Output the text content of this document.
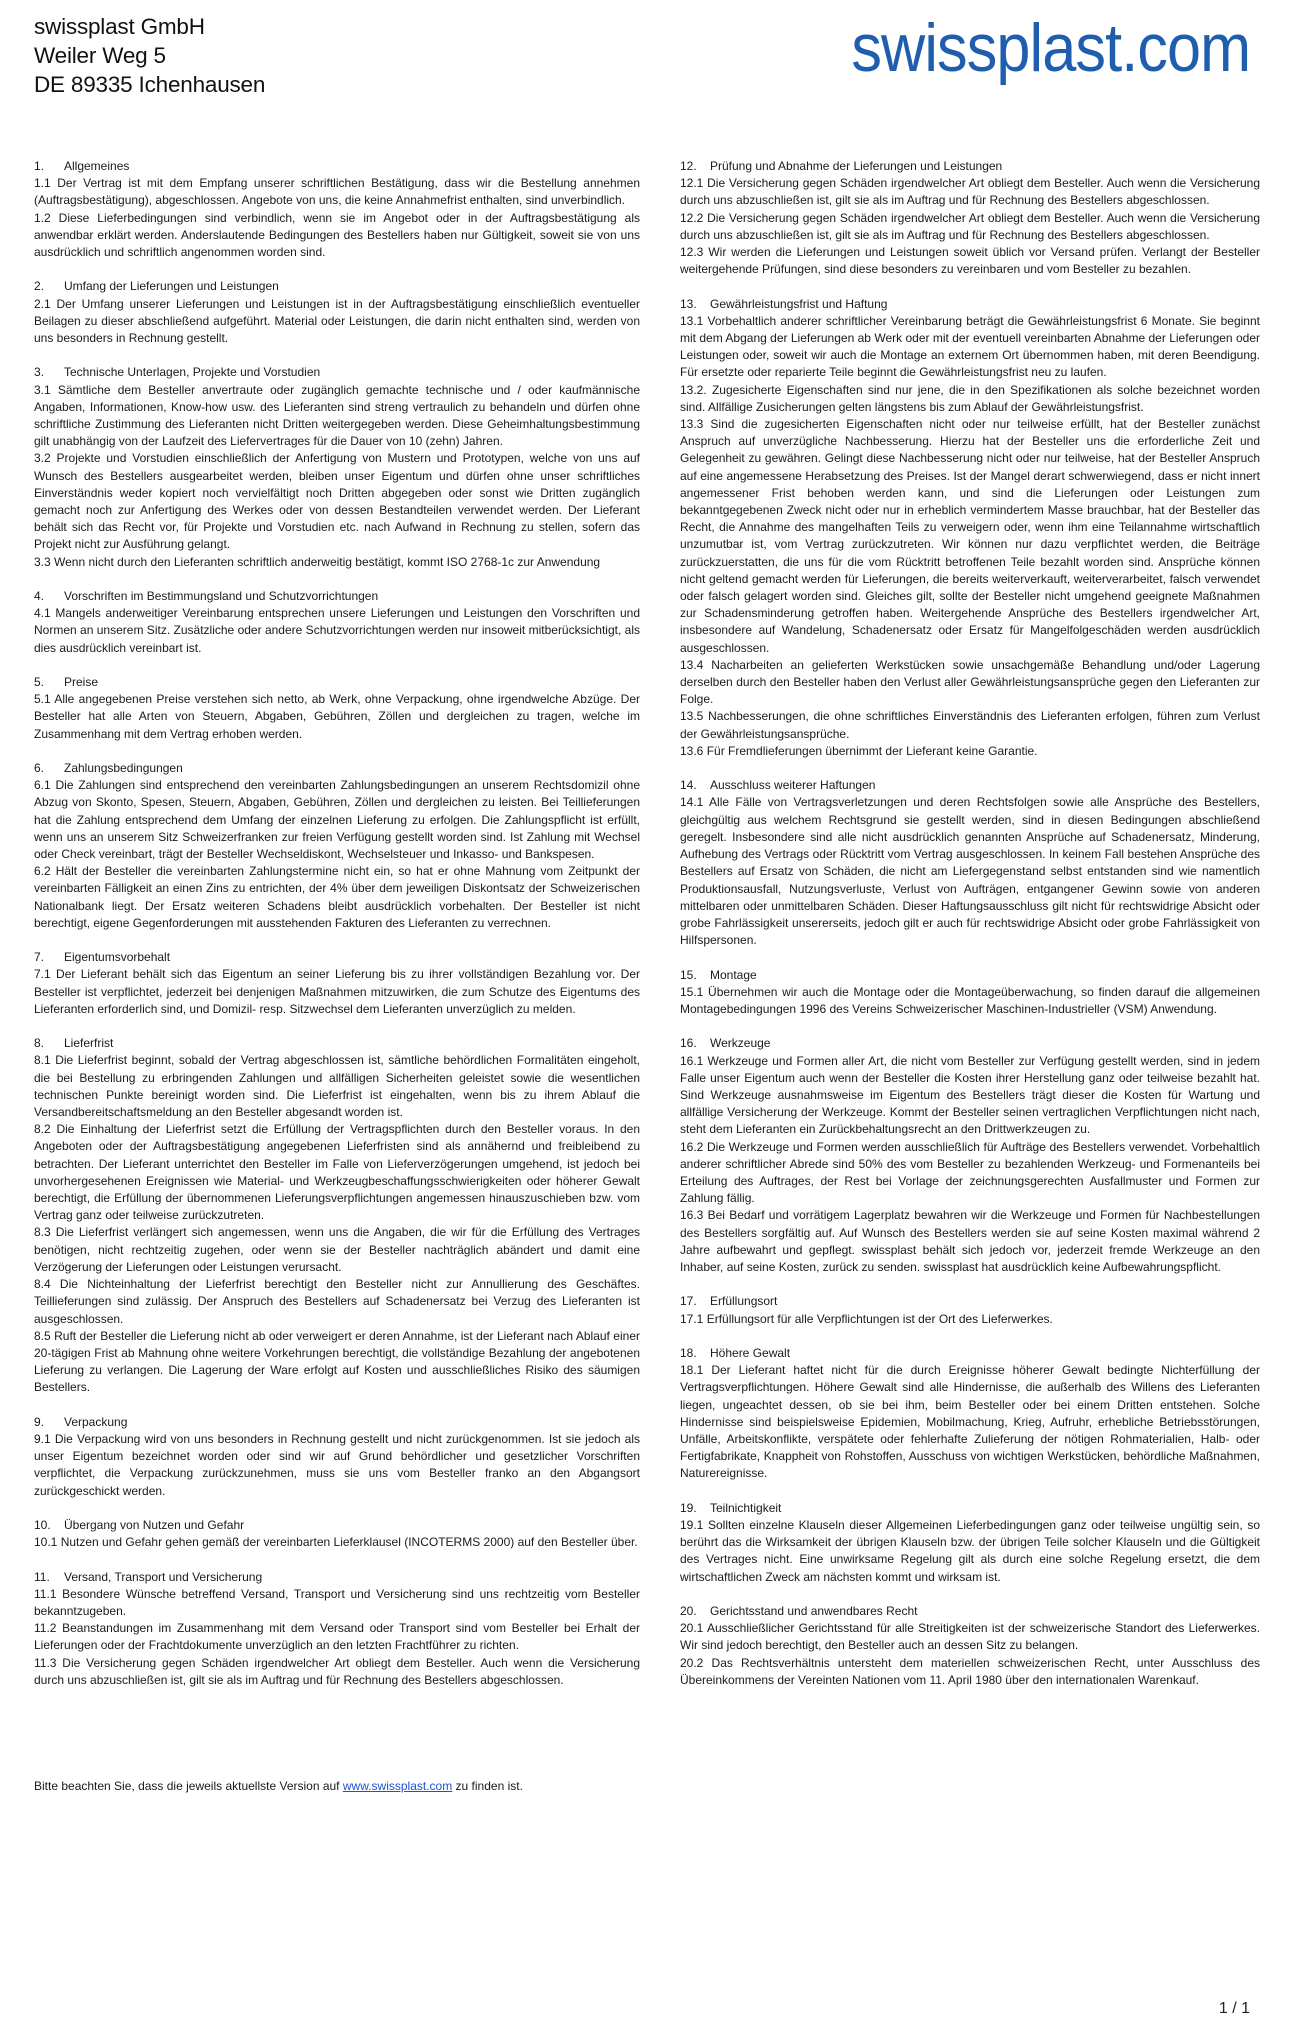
swissplast GmbH
Weiler Weg 5
DE 89335 Ichenhausen	swissplast.com
1. Allgemeines

1.1 Der Vertrag ist mit dem Empfang unserer schriftlichen Bestätigung, dass wir die Bestellung annehmen (Auftragsbestätigung), abgeschlossen. Angebote von uns, die keine Annahmefrist enthalten, sind unverbindlich.

1.2 Diese Lieferbedingungen sind verbindlich, wenn sie im Angebot oder in der Auftragsbestätigung als anwendbar erklärt werden. Anderslautende Bedingungen des Bestellers haben nur Gültigkeit, soweit sie von uns ausdrücklich und schriftlich angenommen worden sind.

2. Umfang der Lieferungen und Leistungen

2.1 Der Umfang unserer Lieferungen und Leistungen ist in der Auftragsbestätigung einschließlich eventueller Beilagen zu dieser abschließend aufgeführt. Material oder Leistungen, die darin nicht enthalten sind, werden von uns besonders in Rechnung gestellt.

3. Technische Unterlagen, Projekte und Vorstudien

3.1 Sämtliche dem Besteller anvertraute oder zugänglich gemachte technische und / oder kaufmännische Angaben, Informationen, Know-how usw. des Lieferanten sind streng vertraulich zu behandeln und dürfen ohne schriftliche Zustimmung des Lieferanten nicht Dritten weitergegeben werden. Diese Geheimhaltungsbestimmung gilt unabhängig von der Laufzeit des Liefervertrages für die Dauer von 10 (zehn) Jahren.

3.2 Projekte und Vorstudien einschließlich der Anfertigung von Mustern und Prototypen, welche von uns auf Wunsch des Bestellers ausgearbeitet werden, bleiben unser Eigentum und dürfen ohne unser schriftliches Einverständnis weder kopiert noch vervielfältigt noch Dritten abgegeben oder sonst wie Dritten zugänglich gemacht noch zur Anfertigung des Werkes oder von dessen Bestandteilen verwendet werden. Der Lieferant behält sich das Recht vor, für Projekte und Vorstudien etc. nach Aufwand in Rechnung zu stellen, sofern das Projekt nicht zur Ausführung gelangt.

3.3 Wenn nicht durch den Lieferanten schriftlich anderweitig bestätigt, kommt ISO 2768-1c zur Anwendung

4. Vorschriften im Bestimmungsland und Schutzvorrichtungen

4.1 Mangels anderweitiger Vereinbarung entsprechen unsere Lieferungen und Leistungen den Vorschriften und Normen an unserem Sitz. Zusätzliche oder andere Schutzvorrichtungen werden nur insoweit mitberücksichtigt, als dies ausdrücklich vereinbart ist.

5. Preise

5.1 Alle angegebenen Preise verstehen sich netto, ab Werk, ohne Verpackung, ohne irgendwelche Abzüge. Der Besteller hat alle Arten von Steuern, Abgaben, Gebühren, Zöllen und dergleichen zu tragen, welche im Zusammenhang mit dem Vertrag erhoben werden.

6. Zahlungsbedingungen

6.1 Die Zahlungen sind entsprechend den vereinbarten Zahlungsbedingungen an unserem Rechtsdomizil ohne Abzug von Skonto, Spesen, Steuern, Abgaben, Gebühren, Zöllen und dergleichen zu leisten. Bei Teillieferungen hat die Zahlung entsprechend dem Umfang der einzelnen Lieferung zu erfolgen. Die Zahlungspflicht ist erfüllt, wenn uns an unserem Sitz Schweizerfranken zur freien Verfügung gestellt worden sind. Ist Zahlung mit Wechsel oder Check vereinbart, trägt der Besteller Wechseldiskont, Wechselsteuer und Inkasso- und Bankspesen.

6.2 Hält der Besteller die vereinbarten Zahlungstermine nicht ein, so hat er ohne Mahnung vom Zeitpunkt der vereinbarten Fälligkeit an einen Zins zu entrichten, der 4% über dem jeweiligen Diskontsatz der Schweizerischen Nationalbank liegt. Der Ersatz weiteren Schadens bleibt ausdrücklich vorbehalten. Der Besteller ist nicht berechtigt, eigene Gegenforderungen mit ausstehenden Fakturen des Lieferanten zu verrechnen.

7. Eigentumsvorbehalt

7.1 Der Lieferant behält sich das Eigentum an seiner Lieferung bis zu ihrer vollständigen Bezahlung vor. Der Besteller ist verpflichtet, jederzeit bei denjenigen Maßnahmen mitzuwirken, die zum Schutze des Eigentums des Lieferanten erforderlich sind, und Domizil- resp. Sitzwechsel dem Lieferanten unverzüglich zu melden.

8. Lieferfrist

8.1 Die Lieferfrist beginnt, sobald der Vertrag abgeschlossen ist, sämtliche behördlichen Formalitäten eingeholt, die bei Bestellung zu erbringenden Zahlungen und allfälligen Sicherheiten geleistet sowie die wesentlichen technischen Punkte bereinigt worden sind. Die Lieferfrist ist eingehalten, wenn bis zu ihrem Ablauf die Versandbereitschaftsmeldung an den Besteller abgesandt worden ist.

8.2 Die Einhaltung der Lieferfrist setzt die Erfüllung der Vertragspflichten durch den Besteller voraus. In den Angeboten oder der Auftragsbestätigung angegebenen Lieferfristen sind als annähernd und freibleibend zu betrachten. Der Lieferant unterrichtet den Besteller im Falle von Lieferverzögerungen umgehend, ist jedoch bei unvorhergesehenen Ereignissen wie Material- und Werkzeugbeschaffungsschwierigkeiten oder höherer Gewalt berechtigt, die Erfüllung der übernommenen Lieferungsverpflichtungen angemessen hinauszuschieben bzw. vom Vertrag ganz oder teilweise zurückzutreten.

8.3 Die Lieferfrist verlängert sich angemessen, wenn uns die Angaben, die wir für die Erfüllung des Vertrages benötigen, nicht rechtzeitig zugehen, oder wenn sie der Besteller nachträglich abändert und damit eine Verzögerung der Lieferungen oder Leistungen verursacht.

8.4 Die Nichteinhaltung der Lieferfrist berechtigt den Besteller nicht zur Annullierung des Geschäftes. Teillieferungen sind zulässig. Der Anspruch des Bestellers auf Schadenersatz bei Verzug des Lieferanten ist ausgeschlossen.

8.5 Ruft der Besteller die Lieferung nicht ab oder verweigert er deren Annahme, ist der Lieferant nach Ablauf einer 20-tägigen Frist ab Mahnung ohne weitere Vorkehrungen berechtigt, die vollständige Bezahlung der angebotenen Lieferung zu verlangen. Die Lagerung der Ware erfolgt auf Kosten und ausschließliches Risiko des säumigen Bestellers.

9. Verpackung

9.1 Die Verpackung wird von uns besonders in Rechnung gestellt und nicht zurückgenommen. Ist sie jedoch als unser Eigentum bezeichnet worden oder sind wir auf Grund behördlicher und gesetzlicher Vorschriften verpflichtet, die Verpackung zurückzunehmen, muss sie uns vom Besteller franko an den Abgangsort zurückgeschickt werden.

10. Übergang von Nutzen und Gefahr

10.1 Nutzen und Gefahr gehen gemäß der vereinbarten Lieferklausel (INCOTERMS 2000) auf den Besteller über.

11. Versand, Transport und Versicherung

11.1 Besondere Wünsche betreffend Versand, Transport und Versicherung sind uns rechtzeitig vom Besteller bekanntzugeben.

11.2 Beanstandungen im Zusammenhang mit dem Versand oder Transport sind vom Besteller bei Erhalt der Lieferungen oder der Frachtdokumente unverzüglich an den letzten Frachtführer zu richten.

11.3 Die Versicherung gegen Schäden irgendwelcher Art obliegt dem Besteller. Auch wenn die Versicherung durch uns abzuschließen ist, gilt sie als im Auftrag und für Rechnung des Bestellers abgeschlossen.

12. Prüfung und Abnahme der Lieferungen und Leistungen

12.1 Die Versicherung gegen Schäden irgendwelcher Art obliegt dem Besteller. Auch wenn die Versicherung durch uns abzuschließen ist, gilt sie als im Auftrag und für Rechnung des Bestellers abgeschlossen.

12.2 Die Versicherung gegen Schäden irgendwelcher Art obliegt dem Besteller. Auch wenn die Versicherung durch uns abzuschließen ist, gilt sie als im Auftrag und für Rechnung des Bestellers abgeschlossen.

12.3 Wir werden die Lieferungen und Leistungen soweit üblich vor Versand prüfen. Verlangt der Besteller weitergehende Prüfungen, sind diese besonders zu vereinbaren und vom Besteller zu bezahlen.

13. Gewährleistungsfrist und Haftung

13.1 Vorbehaltlich anderer schriftlicher Vereinbarung beträgt die Gewährleistungsfrist 6 Monate. Sie beginnt mit dem Abgang der Lieferungen ab Werk oder mit der eventuell vereinbarten Abnahme der Lieferungen oder Leistungen oder, soweit wir auch die Montage an externem Ort übernommen haben, mit deren Beendigung. Für ersetzte oder reparierte Teile beginnt die Gewährleistungsfrist neu zu laufen.

13.2. Zugesicherte Eigenschaften sind nur jene, die in den Spezifikationen als solche bezeichnet worden sind. Allfällige Zusicherungen gelten längstens bis zum Ablauf der Gewährleistungsfrist.

13.3 Sind die zugesicherten Eigenschaften nicht oder nur teilweise erfüllt, hat der Besteller zunächst Anspruch auf unverzügliche Nachbesserung. Hierzu hat der Besteller uns die erforderliche Zeit und Gelegenheit zu gewähren. Gelingt diese Nachbesserung nicht oder nur teilweise, hat der Besteller Anspruch auf eine angemessene Herabsetzung des Preises. Ist der Mangel derart schwerwiegend, dass er nicht innert angemessener Frist behoben werden kann, und sind die Lieferungen oder Leistungen zum bekanntgegebenen Zweck nicht oder nur in erheblich vermindertem Masse brauchbar, hat der Besteller das Recht, die Annahme des mangelhaften Teils zu verweigern oder, wenn ihm eine Teilannahme wirtschaftlich unzumutbar ist, vom Vertrag zurückzutreten. Wir können nur dazu verpflichtet werden, die Beiträge zurückzuerstatten, die uns für die vom Rücktritt betroffenen Teile bezahlt worden sind. Ansprüche können nicht geltend gemacht werden für Lieferungen, die bereits weiterverkauft, weiterverarbeitet, falsch verwendet oder falsch gelagert worden sind. Gleiches gilt, sollte der Besteller nicht umgehend geeignete Maßnahmen zur Schadensminderung getroffen haben. Weitergehende Ansprüche des Bestellers irgendwelcher Art, insbesondere auf Wandelung, Schadenersatz oder Ersatz für Mangelfolgeschäden werden ausdrücklich ausgeschlossen.

13.4 Nacharbeiten an gelieferten Werkstücken sowie unsachgemäße Behandlung und/oder Lagerung derselben durch den Besteller haben den Verlust aller Gewährleistungsansprüche gegen den Lieferanten zur Folge.

13.5 Nachbesserungen, die ohne schriftliches Einverständnis des Lieferanten erfolgen, führen zum Verlust der Gewährleistungsansprüche.

13.6 Für Fremdlieferungen übernimmt der Lieferant keine Garantie.

14. Ausschluss weiterer Haftungen

14.1 Alle Fälle von Vertragsverletzungen und deren Rechtsfolgen sowie alle Ansprüche des Bestellers, gleichgültig aus welchem Rechtsgrund sie gestellt werden, sind in diesen Bedingungen abschließend geregelt. Insbesondere sind alle nicht ausdrücklich genannten Ansprüche auf Schadenersatz, Minderung, Aufhebung des Vertrags oder Rücktritt vom Vertrag ausgeschlossen. In keinem Fall bestehen Ansprüche des Bestellers auf Ersatz von Schäden, die nicht am Liefergegenstand selbst entstanden sind wie namentlich Produktionsausfall, Nutzungsverluste, Verlust von Aufträgen, entgangener Gewinn sowie von anderen mittelbaren oder unmittelbaren Schäden. Dieser Haftungsausschluss gilt nicht für rechtswidrige Absicht oder grobe Fahrlässigkeit unsererseits, jedoch gilt er auch für rechtswidrige Absicht oder grobe Fahrlässigkeit von Hilfspersonen.

15. Montage

15.1 Übernehmen wir auch die Montage oder die Montageüberwachung, so finden darauf die allgemeinen Montagebedingungen 1996 des Vereins Schweizerischer Maschinen-Industrieller (VSM) Anwendung.

16. Werkzeuge

16.1 Werkzeuge und Formen aller Art, die nicht vom Besteller zur Verfügung gestellt werden, sind in jedem Falle unser Eigentum auch wenn der Besteller die Kosten ihrer Herstellung ganz oder teilweise bezahlt hat. Sind Werkzeuge ausnahmsweise im Eigentum des Bestellers trägt dieser die Kosten für Wartung und allfällige Versicherung der Werkzeuge. Kommt der Besteller seinen vertraglichen Verpflichtungen nicht nach, steht dem Lieferanten ein Zurückbehaltungsrecht an den Drittwerkzeugen zu.

16.2 Die Werkzeuge und Formen werden ausschließlich für Aufträge des Bestellers verwendet. Vorbehaltlich anderer schriftlicher Abrede sind 50% des vom Besteller zu bezahlenden Werkzeug- und Formenanteils bei Erteilung des Auftrages, der Rest bei Vorlage der zeichnungsgerechten Ausfallmuster und Formen zur Zahlung fällig.

16.3 Bei Bedarf und vorrätigem Lagerplatz bewahren wir die Werkzeuge und Formen für Nachbestellungen des Bestellers sorgfältig auf. Auf Wunsch des Bestellers werden sie auf seine Kosten maximal während 2 Jahre aufbewahrt und gepflegt. swissplast behält sich jedoch vor, jederzeit fremde Werkzeuge an den Inhaber, auf seine Kosten, zurück zu senden. swissplast hat ausdrücklich keine Aufbewahrungspflicht.

17. Erfüllungsort

17.1 Erfüllungsort für alle Verpflichtungen ist der Ort des Lieferwerkes.

18. Höhere Gewalt

18.1 Der Lieferant haftet nicht für die durch Ereignisse höherer Gewalt bedingte Nichterfüllung der Vertragsverpflichtungen. Höhere Gewalt sind alle Hindernisse, die außerhalb des Willens des Lieferanten liegen, ungeachtet dessen, ob sie bei ihm, beim Besteller oder bei einem Dritten entstehen. Solche Hindernisse sind beispielsweise Epidemien, Mobilmachung, Krieg, Aufruhr, erhebliche Betriebsstörungen, Unfälle, Arbeitskonflikte, verspätete oder fehlerhafte Zulieferung der nötigen Rohmaterialien, Halb- oder Fertigfabrikate, Knappheit von Rohstoffen, Ausschuss von wichtigen Werkstücken, behördliche Maßnahmen, Naturereignisse.

19. Teilnichtigkeit

19.1 Sollten einzelne Klauseln dieser Allgemeinen Lieferbedingungen ganz oder teilweise ungültig sein, so berührt das die Wirksamkeit der übrigen Klauseln bzw. der übrigen Teile solcher Klauseln und die Gültigkeit des Vertrages nicht. Eine unwirksame Regelung gilt als durch eine solche Regelung ersetzt, die dem wirtschaftlichen Zweck am nächsten kommt und wirksam ist.

20. Gerichtsstand und anwendbares Recht

20.1 Ausschließlicher Gerichtsstand für alle Streitigkeiten ist der schweizerische Standort des Lieferwerkes. Wir sind jedoch berechtigt, den Besteller auch an dessen Sitz zu belangen.

20.2 Das Rechtsverhältnis untersteht dem materiellen schweizerischen Recht, unter Ausschluss des Übereinkommens der Vereinten Nationen vom 11. April 1980 über den internationalen Warenkauf.

Bitte beachten Sie, dass die jeweils aktuellste Version auf www.swissplast.com zu finden ist.
1 / 1
